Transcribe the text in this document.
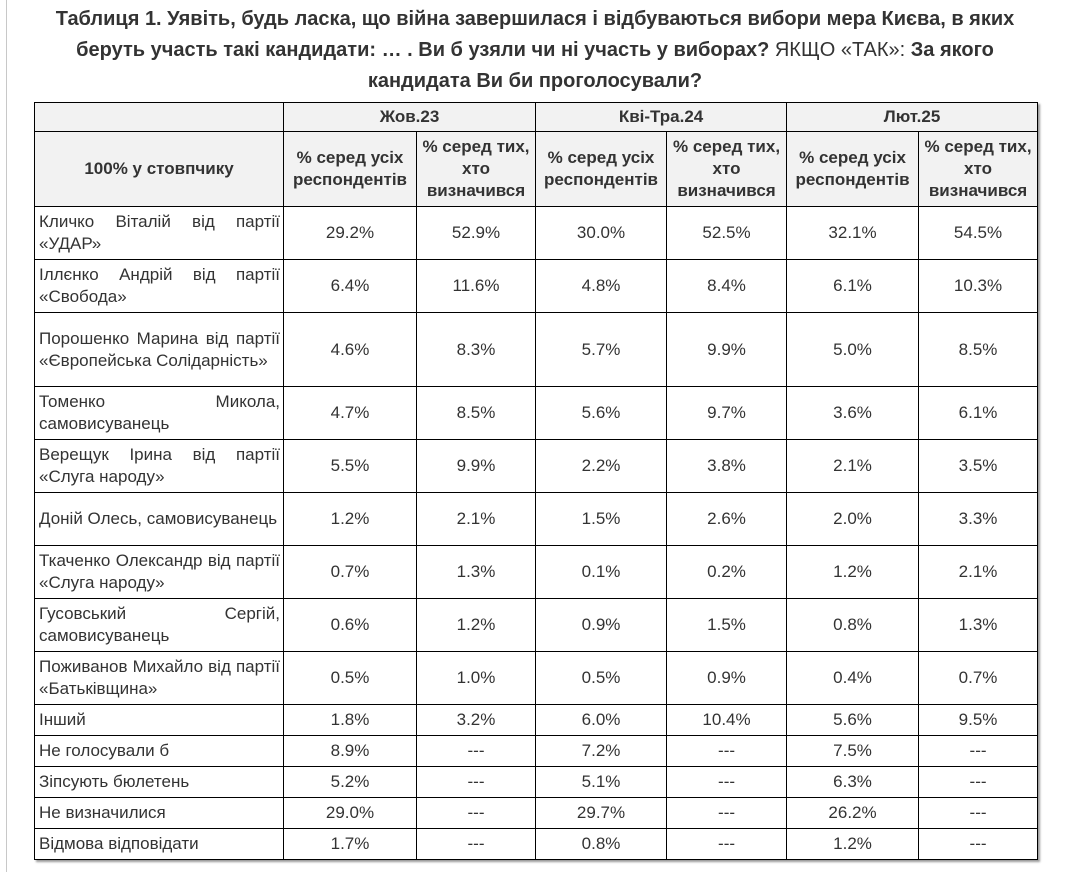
Таблиця 1. Уявіть, будь ласка, що війна завершилася і відбуваються вибори мера Києва, в яких беруть участь такі кандидати: … . Ви б узяли чи ні участь у виборах? ЯКЩО «ТАК»: За якого кандидата Ви би проголосували?
	Жов.23		Кві-Тра.24		Лют.25	
100% у стовпчику	% серед усіх респондентів	% серед тих, хто визначився	% серед усіх респондентів	% серед тих, хто визначився	% серед усіх респондентів	% серед тих, хто визначився
Кличко Віталій від партії «УДАР»	29.2%	52.9%	30.0%	52.5%	32.1%	54.5%
Іллєнко Андрій від партії «Свобода»	6.4%	11.6%	4.8%	8.4%	6.1%	10.3%
Порошенко Марина від партії «Європейська Солідарність»	4.6%	8.3%	5.7%	9.9%	5.0%	8.5%
Томенко Микола, самовисуванець	4.7%	8.5%	5.6%	9.7%	3.6%	6.1%
Верещук Ірина від партії «Слуга народу»	5.5%	9.9%	2.2%	3.8%	2.1%	3.5%
Доній Олесь, самовисуванець	1.2%	2.1%	1.5%	2.6%	2.0%	3.3%
Ткаченко Олександр від партії «Слуга народу»	0.7%	1.3%	0.1%	0.2%	1.2%	2.1%
Гусовський Сергій, самовисуванець	0.6%	1.2%	0.9%	1.5%	0.8%	1.3%
Поживанов Михайло від партії «Батьківщина»	0.5%	1.0%	0.5%	0.9%	0.4%	0.7%
Інший	1.8%	3.2%	6.0%	10.4%	5.6%	9.5%
Не голосували б	8.9%	---	7.2%	---	7.5%	---
Зіпсують бюлетень	5.2%	---	5.1%	---	6.3%	---
Не визначилися	29.0%	---	29.7%	---	26.2%	---
Відмова відповідати	1.7%	---	0.8%	---	1.2%	---
